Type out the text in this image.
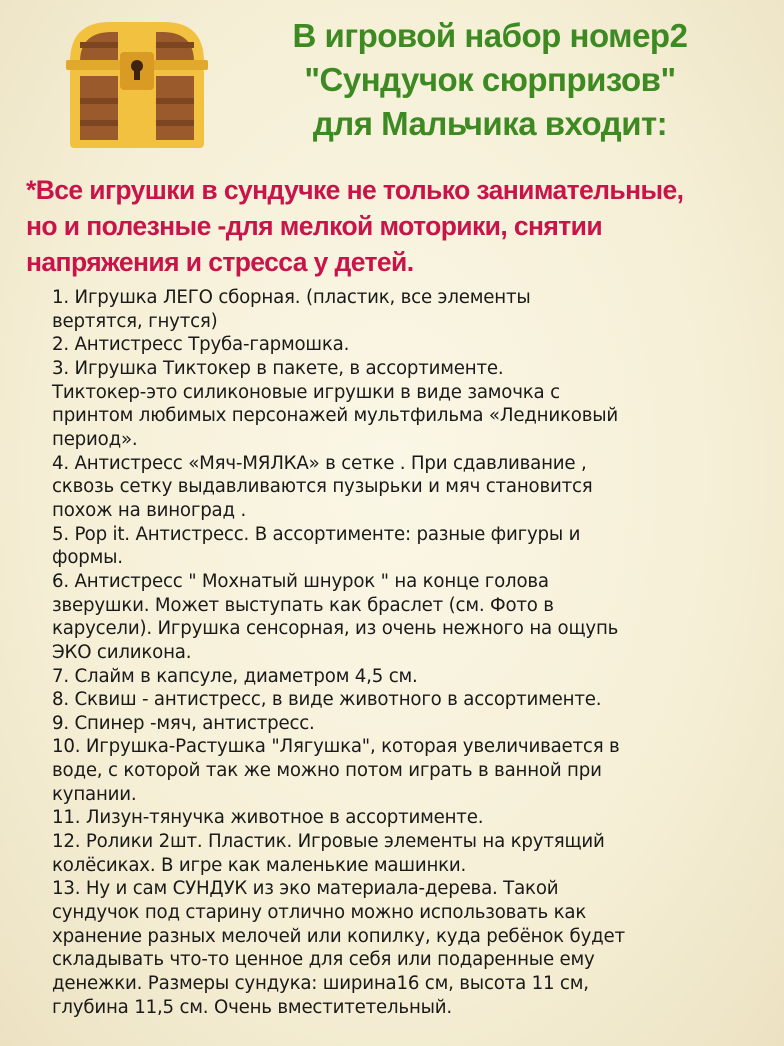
В игровой набор номер2
"Сундучок сюрпризов"
для Мальчика входит:
*Все игрушки в сундучке не только занимательные,
но и полезные -для мелкой моторики, снятии
напряжения и стресса у детей.
1. Игрушка ЛЕГО сборная. (пластик, все элементы
вертятся, гнутся)
2. Антистресс Труба-гармошка.
3. Игрушка Тиктокер в пакете, в ассортименте.
Тиктокер-это силиконовые игрушки в виде замочка с
принтом любимых персонажей мультфильма «Ледниковый
период».
4. Антистресс «Мяч-МЯЛКА» в сетке . При сдавливание ,
сквозь сетку выдавливаются пузырьки и мяч становится
похож на виноград .
5. Pop it. Антистресс. В ассортименте: разные фигуры и
формы.
6. Антистресс " Мохнатый шнурок " на конце голова
зверушки. Может выступать как браслет (см. Фото в
карусели). Игрушка сенсорная, из очень нежного на ощупь
ЭКО силикона.
7. Слайм в капсуле, диаметром 4,5 см.
8. Сквиш - антистресс, в виде животного в ассортименте.
9. Спинер -мяч, антистресс.
10. Игрушка-Растушка "Лягушка", которая увеличивается в
воде, с которой так же можно потом играть в ванной при
купании.
11. Лизун-тянучка животное в ассортименте.
12. Ролики 2шт. Пластик. Игровые элементы на крутящий
колёсиках. В игре как маленькие машинки.
13. Ну и сам СУНДУК из эко материала-дерева. Такой
сундучок под старину отлично можно использовать как
хранение разных мелочей или копилку, куда ребёнок будет
складывать что-то ценное для себя или подаренные ему
денежки. Размеры сундука: ширина16 см, высота 11 см,
глубина 11,5 см. Очень вместитетельный.
